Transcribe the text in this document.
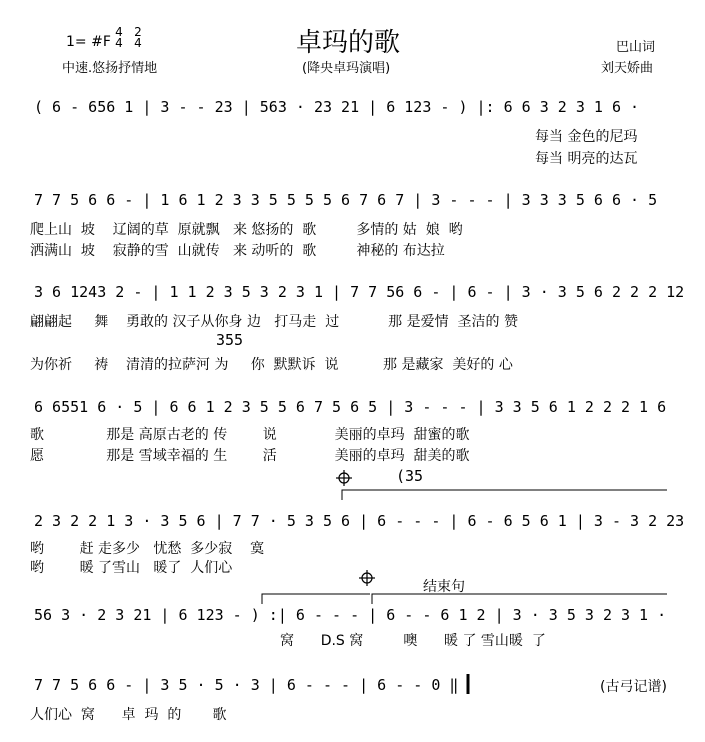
1= #F
4
4
2
4	卓玛的歌	巴山词
中速.悠扬抒情地	(降央卓玛演唱)	刘天娇曲
( 6 - 656 1 | 3 - - 23 | 563 · 23 21 | 6 123 - ) |: 6 6 3 2 3 1 6 ·
每当 金色的尼玛
每当 明亮的达瓦
7 7 5 6 6 - | 1 6 1 2 3 3 5 5 5 5 6 7 6 7 | 3 - - - | 3 3 3 5 6 6 · 5
爬上山  坡    辽阔的草  原就飘   来 悠扬的  歌         多情的 姑  娘  哟
洒满山  坡    寂静的雪  山就传   来 动听的  歌         神秘的 布达拉
3 6 1243 2 - | 1 1 2 3 5 3 2 3 1 | 7 7 56 6 - | 6 - | 3 · 3 5 6 2 2 2 12
翩翩起     舞    勇敢的 汉子从你身 边   打马走  过           那 是爱情  圣洁的 赞
355
为你祈     祷    清清的拉萨河 为     你  默默诉  说          那 是藏家  美好的 心
6 6551 6 · 5 | 6 6 1 2 3 5 5 6 7 5 6 5 | 3 - - - | 3 3 5 6 1 2 2 2 1 6
歌              那是 高原古老的 传        说             美丽的卓玛  甜蜜的歌
愿              那是 雪域幸福的 生        活             美丽的卓玛  甜美的歌
(35
2 3 2 2 1 3 · 3 5 6 | 7 7 · 5 3 5 6 | 6 - - - | 6 - 6 5 6 1 | 3 - 3 2 23
哟        赶 走多少   忧愁  多少寂    寞
哟        暖 了雪山   暖了  人们心
结束句
56 3 · 2 3 21 | 6 123 - ) :| 6 - - - | 6 - - 6 1 2 | 3 · 3 5 3 2 3 1 ·
窝      D.S 窝         噢      暖 了 雪山暖  了
7 7 5 6 6 - | 3 5 · 5 · 3 | 6 - - - | 6 - - 0 ‖
人们心  窝      卓  玛  的       歌
(古弓记谱)
